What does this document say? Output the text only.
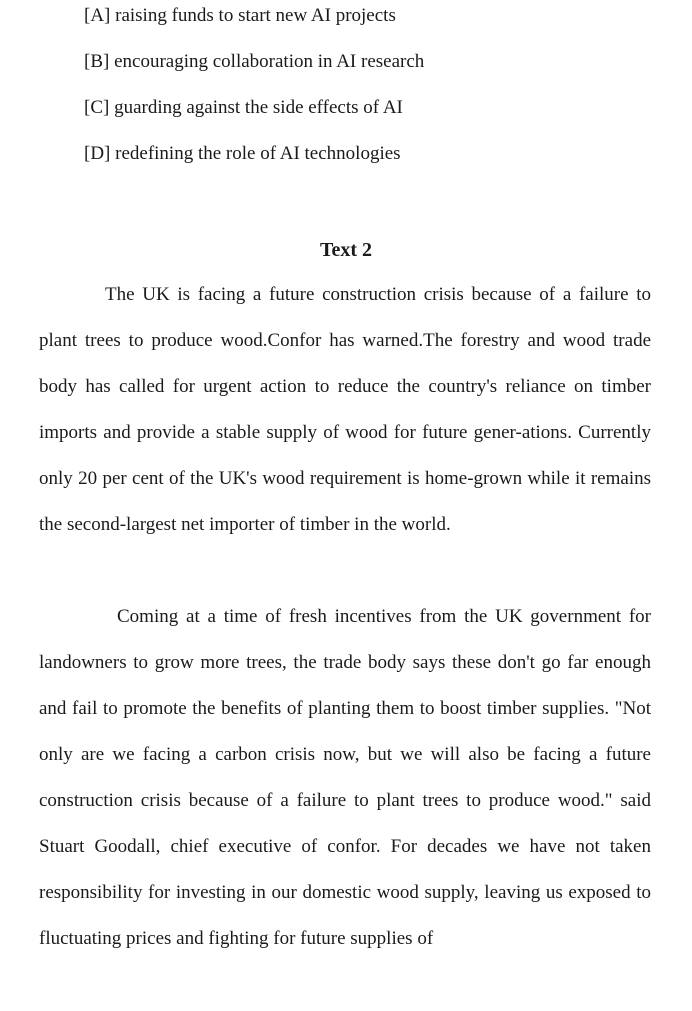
[A] raising funds to start new AI projects
[B] encouraging collaboration in AI research
[C] guarding against the side effects of AI
[D] redefining the role of AI technologies
Text 2

The UK is facing a future construction crisis because of a failure to plant trees to produce wood.Confor has warned.The forestry and wood trade body has called for urgent action to reduce the country's reliance on timber imports and provide a stable supply of wood for future gener-ations. Currently only 20 per cent of the UK's wood requirement is home-grown while it remains the second-largest net importer of timber in the world.

Coming at a time of fresh incentives from the UK government for landowners to grow more trees, the trade body says these don't go far enough and fail to promote the benefits of planting them to boost timber supplies. "Not only are we facing a carbon crisis now, but we will also be facing a future construction crisis because of a failure to plant trees to produce wood." said Stuart Goodall, chief executive of confor. For decades we have not taken responsibility for investing in our domestic wood supply, leaving us exposed to fluctuating prices and fighting for future supplies of
